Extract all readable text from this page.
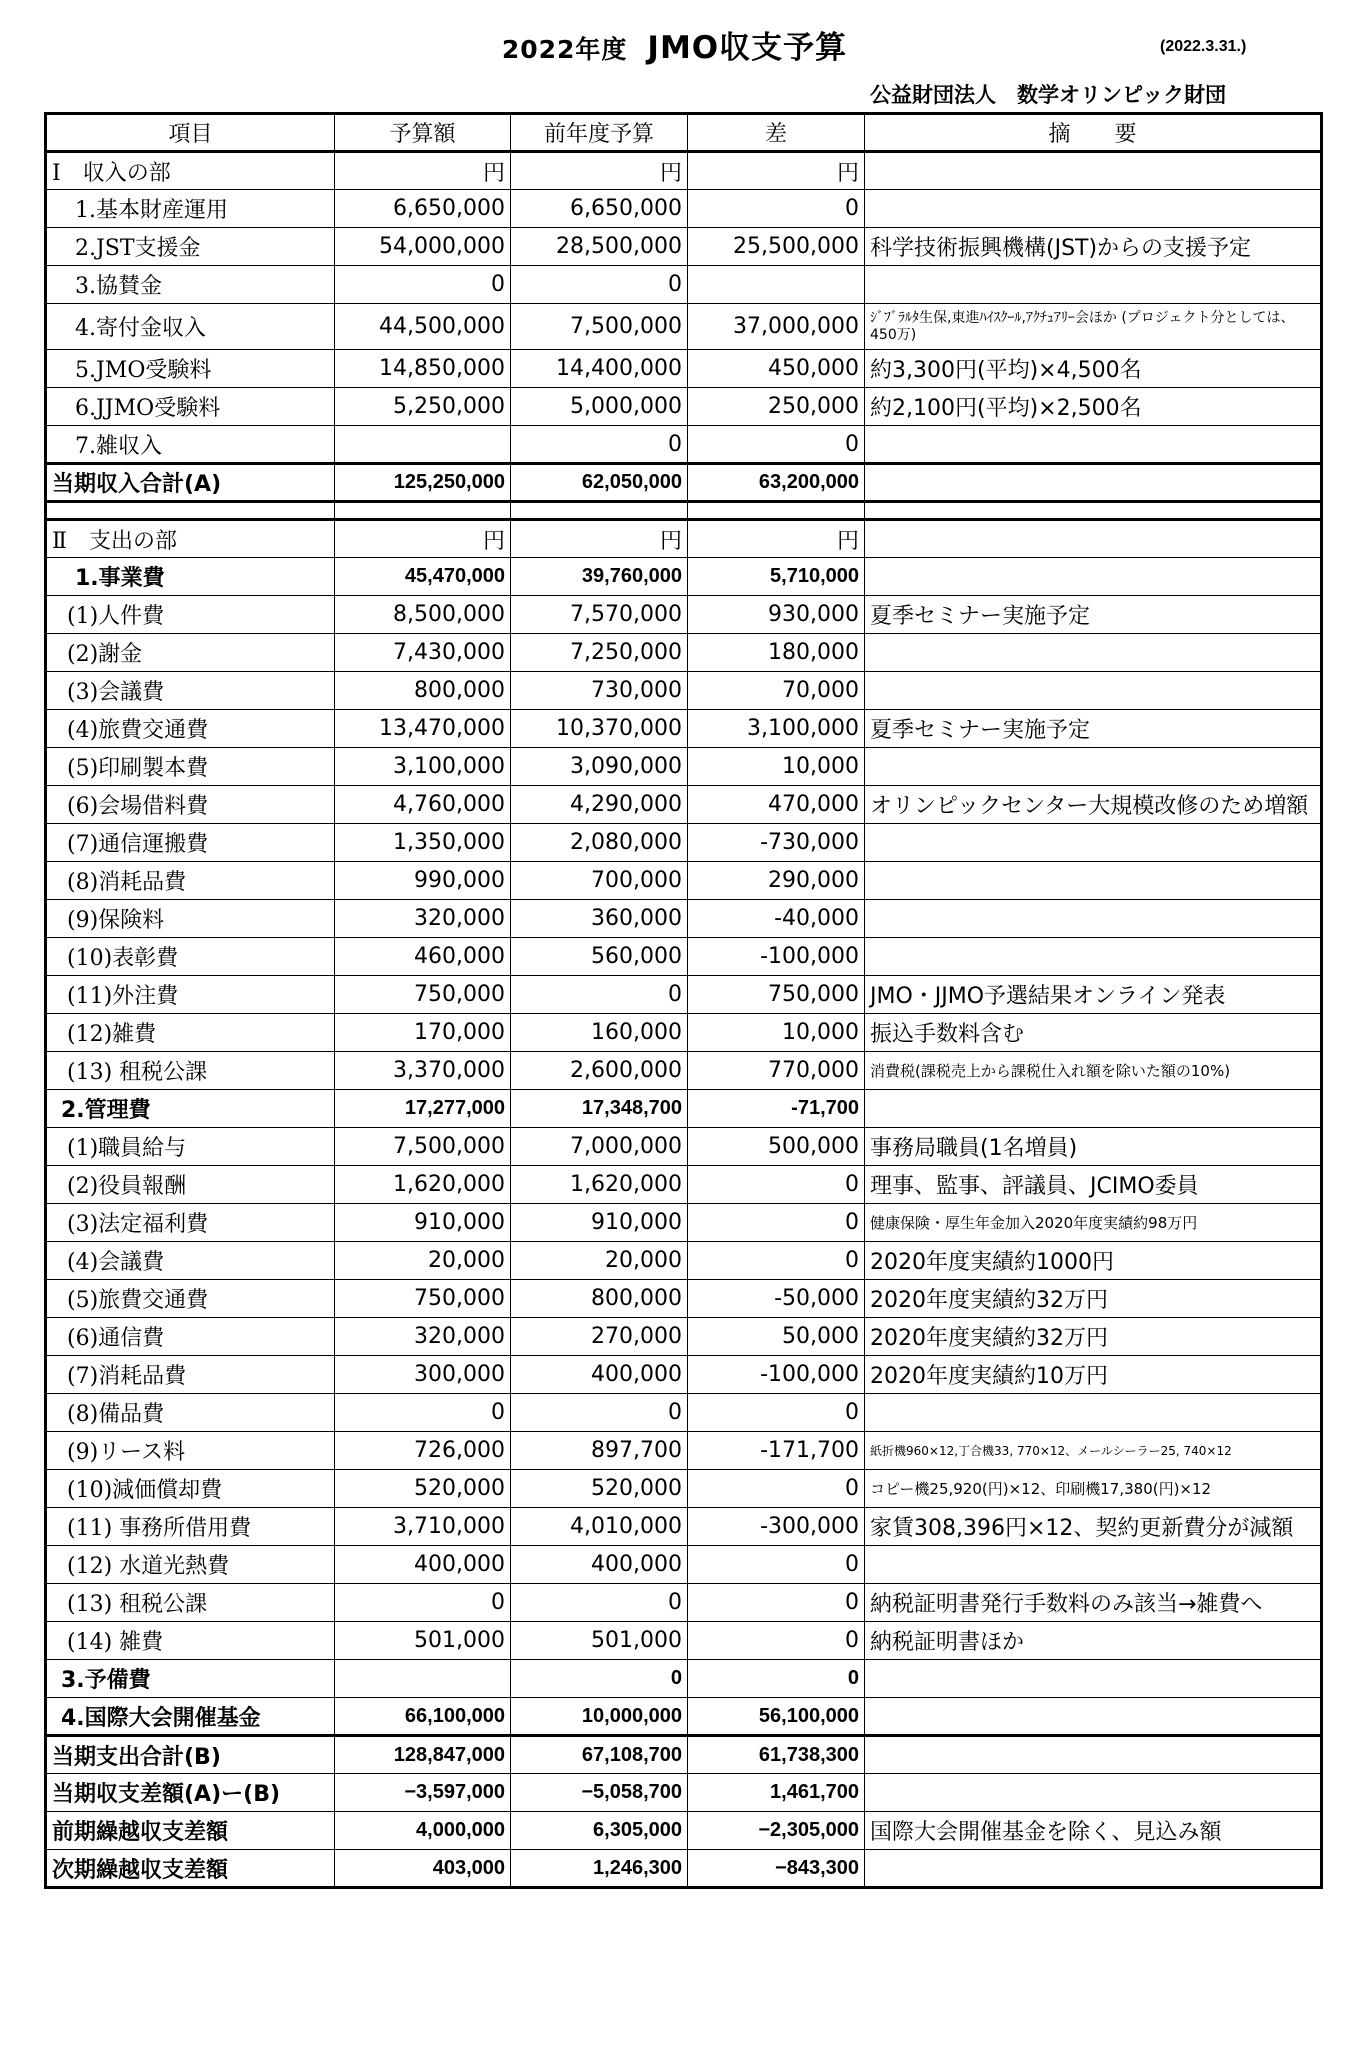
2022年度 JMO収支予算	(2022.3.31.)
公益財団法人　数学オリンピック財団
項目	予算額	前年度予算	差	摘　　要
Ⅰ　収入の部	円	円	円	
1.基本財産運用	6,650,000	6,650,000	0	
2.JST支援金	54,000,000	28,500,000	25,500,000	科学技術振興機構(JST)からの支援予定
3.協賛金	0	0		
4.寄付金収入	44,500,000	7,500,000	37,000,000	ｼﾞﾌﾞﾗﾙﾀ生保,東進ﾊｲｽｸｰﾙ,ｱｸﾁｭｱﾘｰ会ほか (プロジェクト分としては、450万)
5.JMO受験料	14,850,000	14,400,000	450,000	約3,300円(平均)×4,500名
6.JJMO受験料	5,250,000	5,000,000	250,000	約2,100円(平均)×2,500名
7.雑収入		0	0	
当期収入合計(A)	125,250,000	62,050,000	63,200,000	

Ⅱ　支出の部	円	円	円	
1.事業費	45,470,000	39,760,000	5,710,000	
(1)人件費	8,500,000	7,570,000	930,000	夏季セミナー実施予定
(2)謝金	7,430,000	7,250,000	180,000	
(3)会議費	800,000	730,000	70,000	
(4)旅費交通費	13,470,000	10,370,000	3,100,000	夏季セミナー実施予定
(5)印刷製本費	3,100,000	3,090,000	10,000	
(6)会場借料費	4,760,000	4,290,000	470,000	オリンピックセンター大規模改修のため増額
(7)通信運搬費	1,350,000	2,080,000	-730,000	
(8)消耗品費	990,000	700,000	290,000	
(9)保険料	320,000	360,000	-40,000	
(10)表彰費	460,000	560,000	-100,000	
(11)外注費	750,000	0	750,000	JMO・JJMO予選結果オンライン発表
(12)雑費	170,000	160,000	10,000	振込手数料含む
(13) 租税公課	3,370,000	2,600,000	770,000	消費税(課税売上から課税仕入れ額を除いた額の10%)
2.管理費	17,277,000	17,348,700	-71,700	
(1)職員給与	7,500,000	7,000,000	500,000	事務局職員(1名増員)
(2)役員報酬	1,620,000	1,620,000	0	理事、監事、評議員、JCIMO委員
(3)法定福利費	910,000	910,000	0	健康保険・厚生年金加入2020年度実績約98万円
(4)会議費	20,000	20,000	0	2020年度実績約1000円
(5)旅費交通費	750,000	800,000	-50,000	2020年度実績約32万円
(6)通信費	320,000	270,000	50,000	2020年度実績約32万円
(7)消耗品費	300,000	400,000	-100,000	2020年度実績約10万円
(8)備品費	0	0	0	
(9)リース料	726,000	897,700	-171,700	紙折機960×12,丁合機33, 770×12、メールシーラー25, 740×12
(10)減価償却費	520,000	520,000	0	コピー機25,920(円)×12、印刷機17,380(円)×12
(11) 事務所借用費	3,710,000	4,010,000	-300,000	家賃308,396円×12、契約更新費分が減額
(12) 水道光熱費	400,000	400,000	0	
(13) 租税公課	0	0	0	納税証明書発行手数料のみ該当→雑費へ
(14) 雑費	501,000	501,000	0	納税証明書ほか
3.予備費		0	0	
4.国際大会開催基金	66,100,000	10,000,000	56,100,000	
当期支出合計(B)	128,847,000	67,108,700	61,738,300	
当期収支差額(A)ー(B)	−3,597,000	−5,058,700	1,461,700	
前期繰越収支差額	4,000,000	6,305,000	−2,305,000	国際大会開催基金を除く、見込み額
次期繰越収支差額	403,000	1,246,300	−843,300	
